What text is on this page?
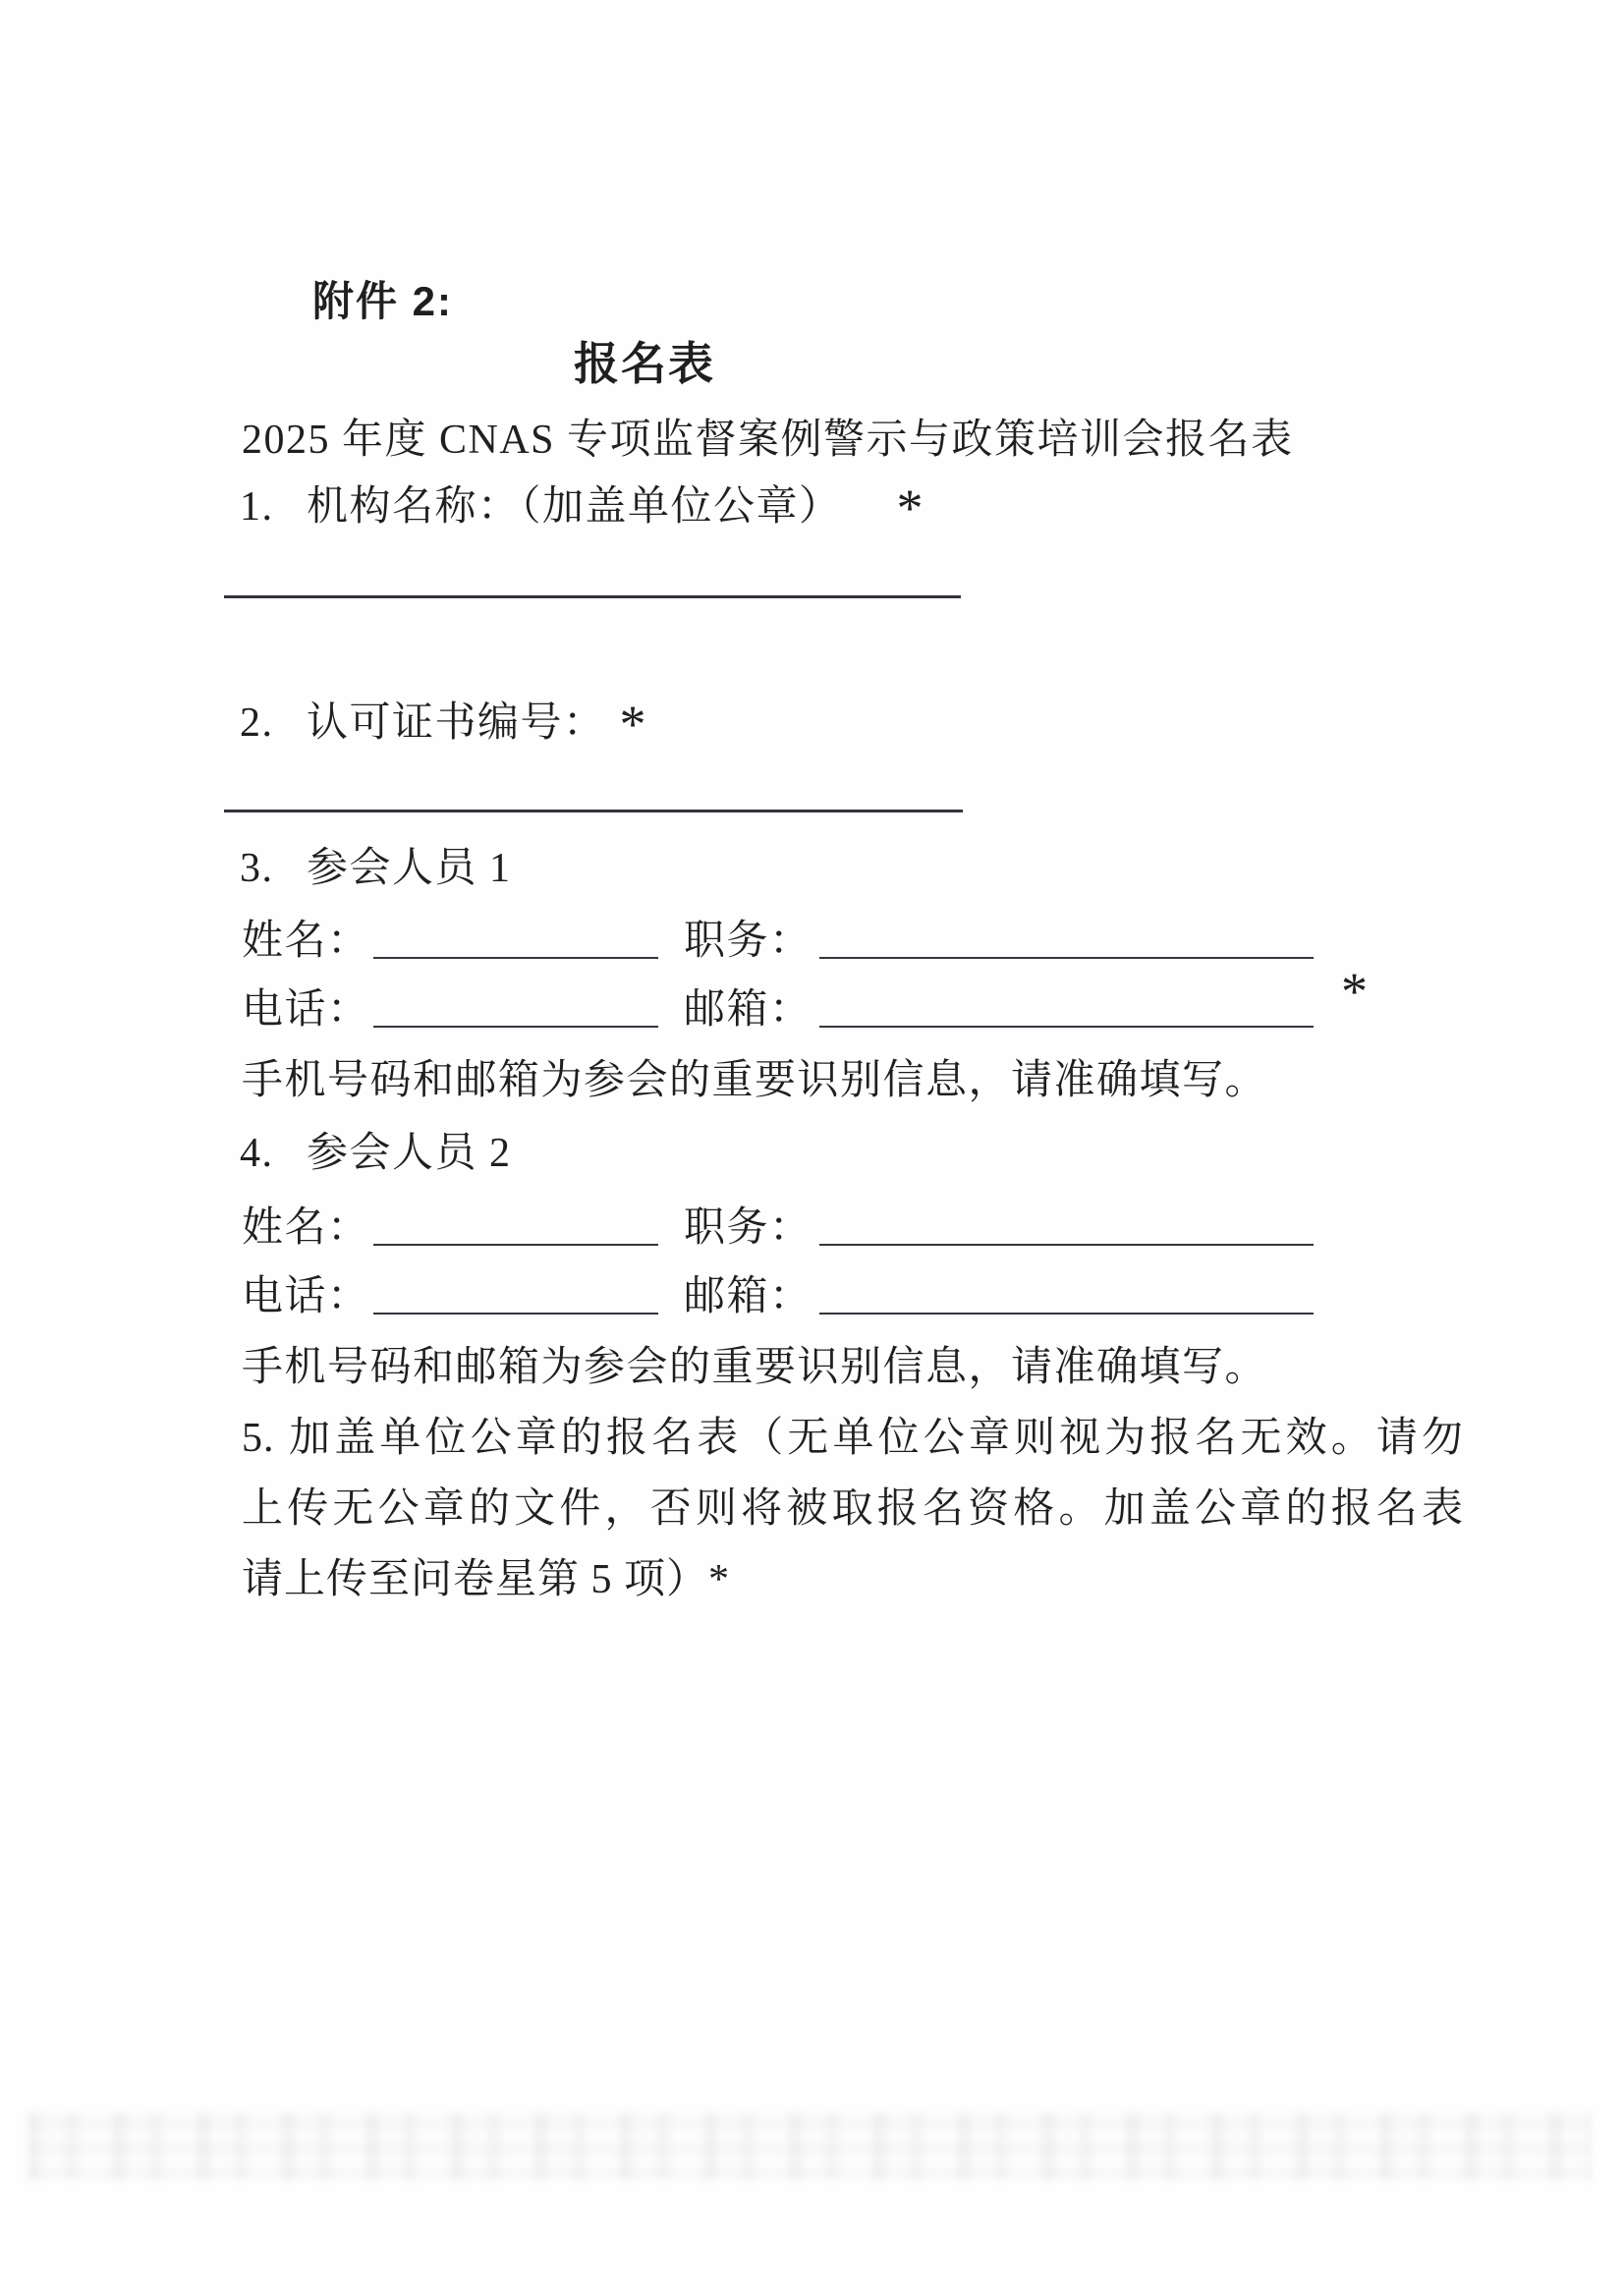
附件 2:
报名表
2025 年度 CNAS 专项监督案例警示与政策培训会报名表
1. 机构名称：（加盖单位公章） *
2. 认可证书编号： *
3. 参会人员 1
姓名：	职务：
电话：	邮箱：	*
手机号码和邮箱为参会的重要识别信息，请准确填写。
4. 参会人员 2
姓名：	职务：
电话：	邮箱：
手机号码和邮箱为参会的重要识别信息，请准确填写。
5. 加盖单位公章的报名表（无单位公章则视为报名无效。请勿
上传无公章的文件，否则将被取报名资格。加盖公章的报名表
请上传至问卷星第 5 项）*
